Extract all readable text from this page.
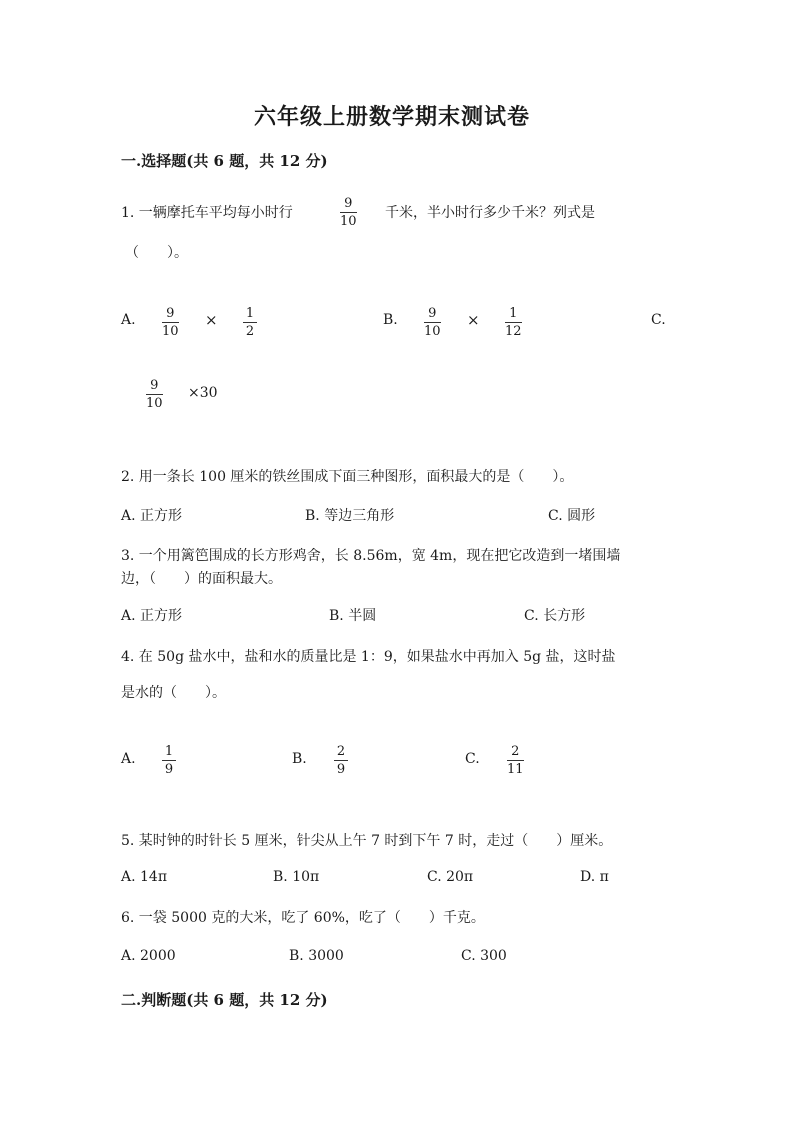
六年级上册数学期末测试卷
一.选择题(共 6 题，共 12 分)
1. 一辆摩托车平均每小时行
9
10
千米，半小时行多少千米？列式是
（　　）。
A. 9
10
× 1
2
B. 9
10
× 1
12
C.
9
10
×30
2. 用一条长 100 厘米的铁丝围成下面三种图形，面积最大的是（　　）。
A. 正方形	B. 等边三角形	C. 圆形
3. 一个用篱笆围成的长方形鸡舍，长 8.56m，宽 4m，现在把它改造到一堵围墙
边，（　　）的面积最大。
A. 正方形	B. 半圆	C. 长方形
4. 在 50g 盐水中，盐和水的质量比是 1：9，如果盐水中再加入 5g 盐，这时盐
是水的（　　）。
A. 1
9
B. 2
9
C. 2
11
5. 某时钟的时针长 5 厘米，针尖从上午 7 时到下午 7 时，走过（　　）厘米。
A. 14π	B. 10π	C. 20π	D. π
6. 一袋 5000 克的大米，吃了 60%，吃了（　　）千克。
A. 2000	B. 3000	C. 300
二.判断题(共 6 题，共 12 分)
